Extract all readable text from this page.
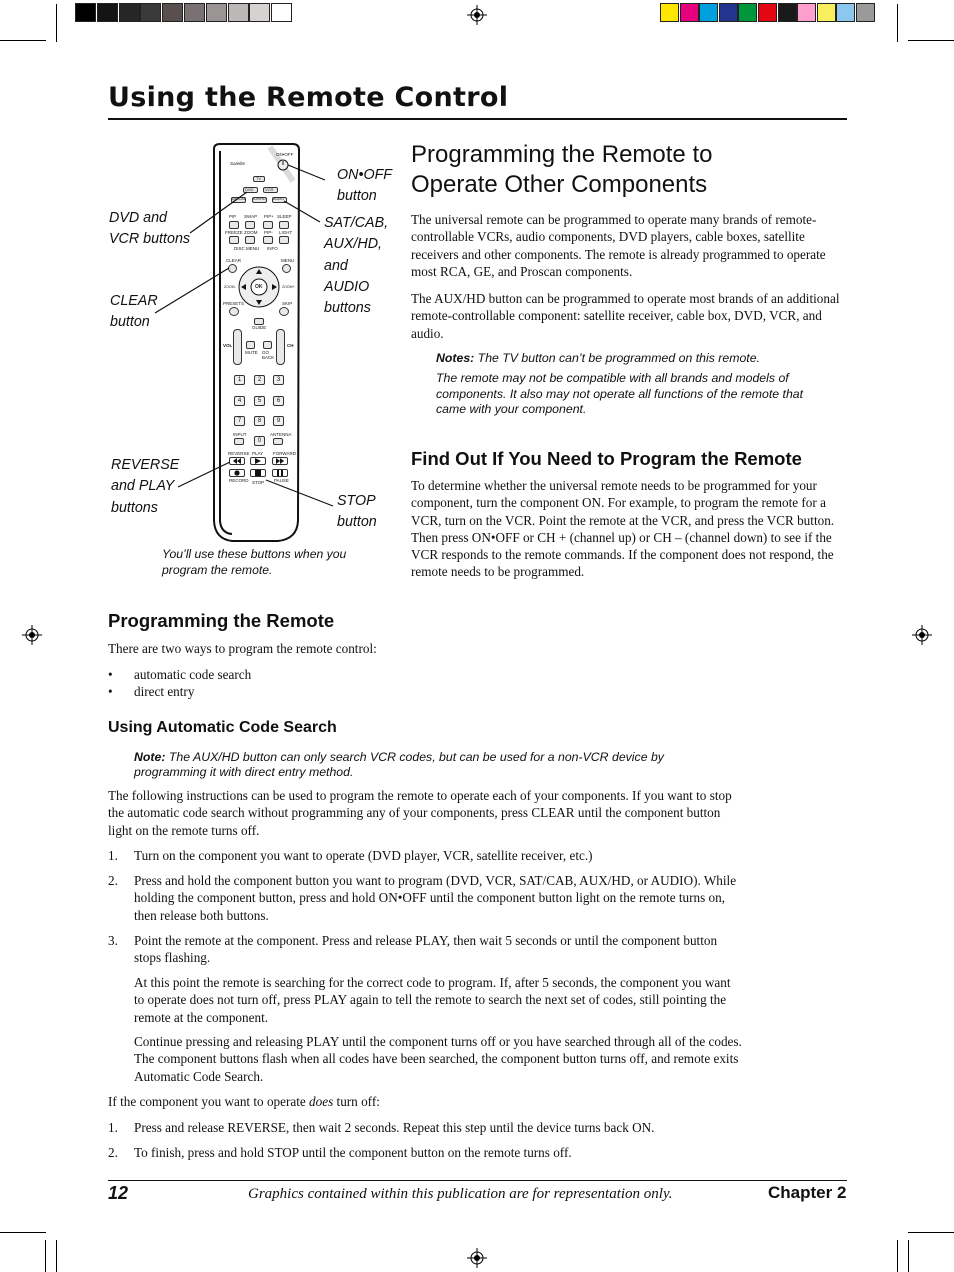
Using the Remote Control
Satelite
ON•OFF
TV
DVD	VCR
SAT•CAB AUX•HD AUDIO
PIP SWAP PIP+ SLEEP
FREEZE ZOOM PIP- LIGHT
DISC MENU INFO
CLEAR	MENU
OK
ZOOM-	ZOOM+
PRESETS	SKIP
GUIDE
VOL	CH
MUTE GO BACK
1	2	3
4	5	6
7	8	9
INPUT	ANTENNA
0
REVERSE PLAY FORWARD
RECORD STOP PAUSE
DVD and VCR buttons
ON•OFF button
SAT/CAB, AUX/HD, and AUDIO buttons
CLEAR button
REVERSE and PLAY buttons	STOP button
You’ll use these buttons when you program the remote.
Programming the Remote to Operate Other Components
The universal remote can be programmed to operate many brands of remote-controllable VCRs, audio components, DVD players, cable boxes, satellite receivers and other components. The remote is already programmed to operate most RCA, GE, and Proscan components.
The AUX/HD button can be programmed to operate most brands of an additional remote-controllable component: satellite receiver, cable box, DVD, VCR, and audio.
Notes: The TV button can’t be programmed on this remote.
The remote may not be compatible with all brands and models of components. It also may not operate all functions of the remote that came with your component.
Find Out If You Need to Program the Remote
To determine whether the universal remote needs to be programmed for your component, turn the component ON. For example, to program the remote for a VCR, turn on the VCR. Point the remote at the VCR, and press the VCR button. Then press ON•OFF or CH + (channel up) or CH – (channel down) to see if the VCR responds to the remote commands. If the component does not respond, the remote needs to be programmed.
Programming the Remote
There are two ways to program the remote control:
• automatic code search
• direct entry
Using Automatic Code Search
Note: The AUX/HD button can only search VCR codes, but can be used for a non-VCR device by programming it with direct entry method.
The following instructions can be used to program the remote to operate each of your components. If you want to stop the automatic code search without programming any of your components, press CLEAR until the component button light on the remote turns off.
1. Turn on the component you want to operate (DVD player, VCR, satellite receiver, etc.)
2. Press and hold the component button you want to program (DVD, VCR, SAT/CAB, AUX/HD, or AUDIO). While holding the component button, press and hold ON•OFF until the component button light on the remote turns on, then release both buttons.
3. Point the remote at the component. Press and release PLAY, then wait 5 seconds or until the component button stops flashing.
At this point the remote is searching for the correct code to program. If, after 5 seconds, the component you want to operate does not turn off, press PLAY again to tell the remote to search the next set of codes, still pointing the remote at the component.
Continue pressing and releasing PLAY until the component turns off or you have searched through all of the codes. The component buttons flash when all codes have been searched, the component button turns off, and remote exits Automatic Code Search.
If the component you want to operate does turn off:
1. Press and release REVERSE, then wait 2 seconds. Repeat this step until the device turns back ON.
2. To finish, press and hold STOP until the component button on the remote turns off.
12	Graphics contained within this publication are for representation only.	Chapter 2
